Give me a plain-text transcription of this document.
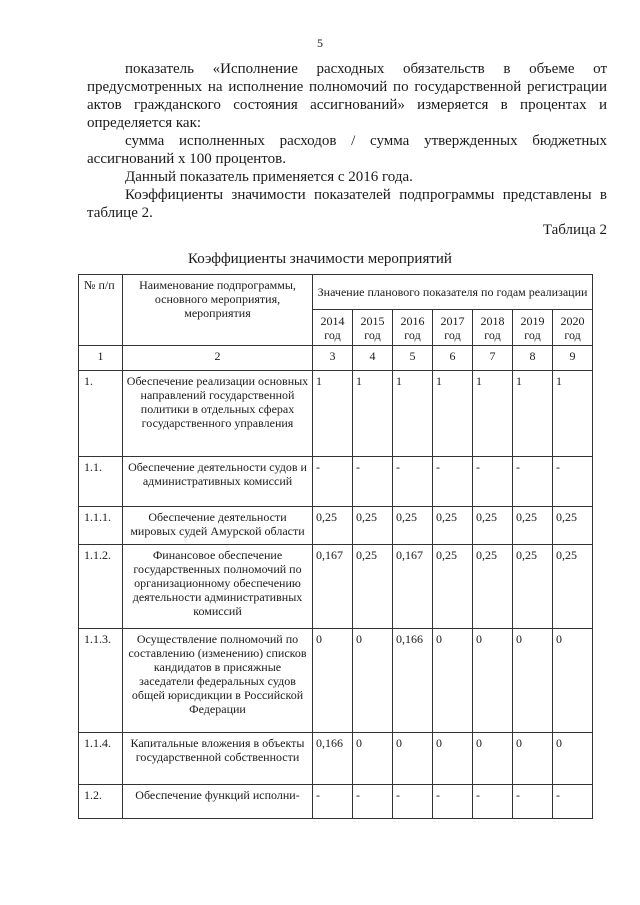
5

показатель «Исполнение расходных обязательств в объеме от

предусмотренных на исполнение полномочий по государственной регистрации актов гражданского состояния ассигнований» измеряется в процентах и определяется как:

сумма исполненных расходов / сумма утвержденных бюджетных ассигнований x 100 процентов.

Данный показатель применяется с 2016 года.

Коэффициенты значимости показателей подпрограммы представлены в таблице 2.

Таблица 2
Коэффициенты значимости мероприятий
№ п/п	Наименование подпрограммы, основного мероприятия, мероприятия	Значение планового показателя по годам реализации						
		2014 год	2015 год	2016 год	2017 год	2018 год	2019 год	2020 год
1	2	3	4	5	6	7	8	9
1.	Обеспечение реализации основных направлений государственной политики в отдельных сферах государственного управления	1	1	1	1	1	1	1
1.1.	Обеспечение деятельности судов и административных комиссий	-	-	-	-	-	-	-
1.1.1.	Обеспечение деятельности мировых судей Амурской области	0,25	0,25	0,25	0,25	0,25	0,25	0,25
1.1.2.	Финансовое обеспечение государственных полномочий по организационному обеспечению деятельности административных комиссий	0,167	0,25	0,167	0,25	0,25	0,25	0,25
1.1.3.	Осуществление полномочий по составлению (изменению) списков кандидатов в присяжные заседатели федеральных судов общей юрисдикции в Российской Федерации	0	0	0,166	0	0	0	0
1.1.4.	Капитальные вложения в объекты государственной собственности	0,166	0	0	0	0	0	0
1.2.	Обеспечение функций исполни-	-	-	-	-	-	-	-
